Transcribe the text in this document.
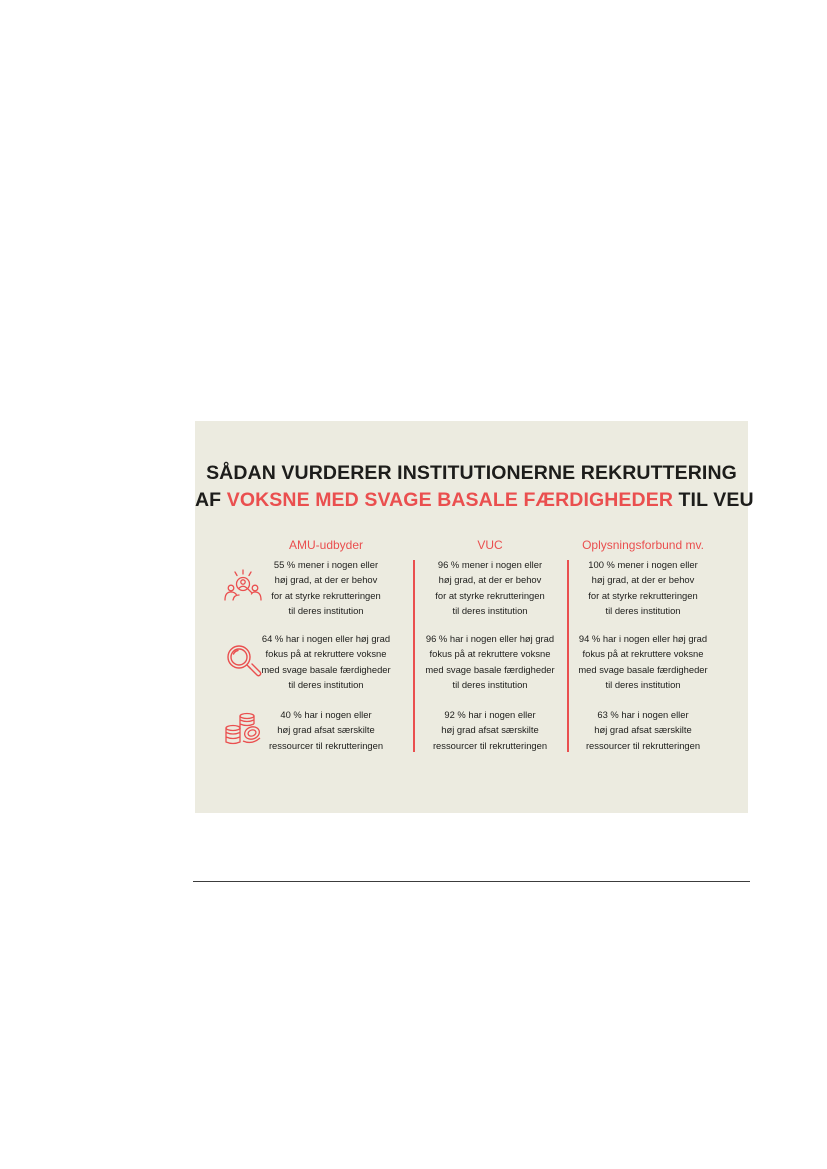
SÅDAN VURDERER INSTITUTIONERNE REKRUTTERING
AF VOKSNE MED SVAGE BASALE FÆRDIGHEDER TIL VEU
AMU-udbyder	VUC	Oplysningsforbund mv.
55 % mener i nogen eller
høj grad, at der er behov
for at styrke rekrutteringen
til deres institution
64 % har i nogen eller høj grad
fokus på at rekruttere voksne
med svage basale færdigheder
til deres institution
40 % har i nogen eller
høj grad afsat særskilte
ressourcer til rekrutteringen
96 % mener i nogen eller
høj grad, at der er behov
for at styrke rekrutteringen
til deres institution
96 % har i nogen eller høj grad
fokus på at rekruttere voksne
med svage basale færdigheder
til deres institution
92 % har i nogen eller
høj grad afsat særskilte
ressourcer til rekrutteringen
100 % mener i nogen eller
høj grad, at der er behov
for at styrke rekrutteringen
til deres institution
94 % har i nogen eller høj grad
fokus på at rekruttere voksne
med svage basale færdigheder
til deres institution
63 % har i nogen eller
høj grad afsat særskilte
ressourcer til rekrutteringen
